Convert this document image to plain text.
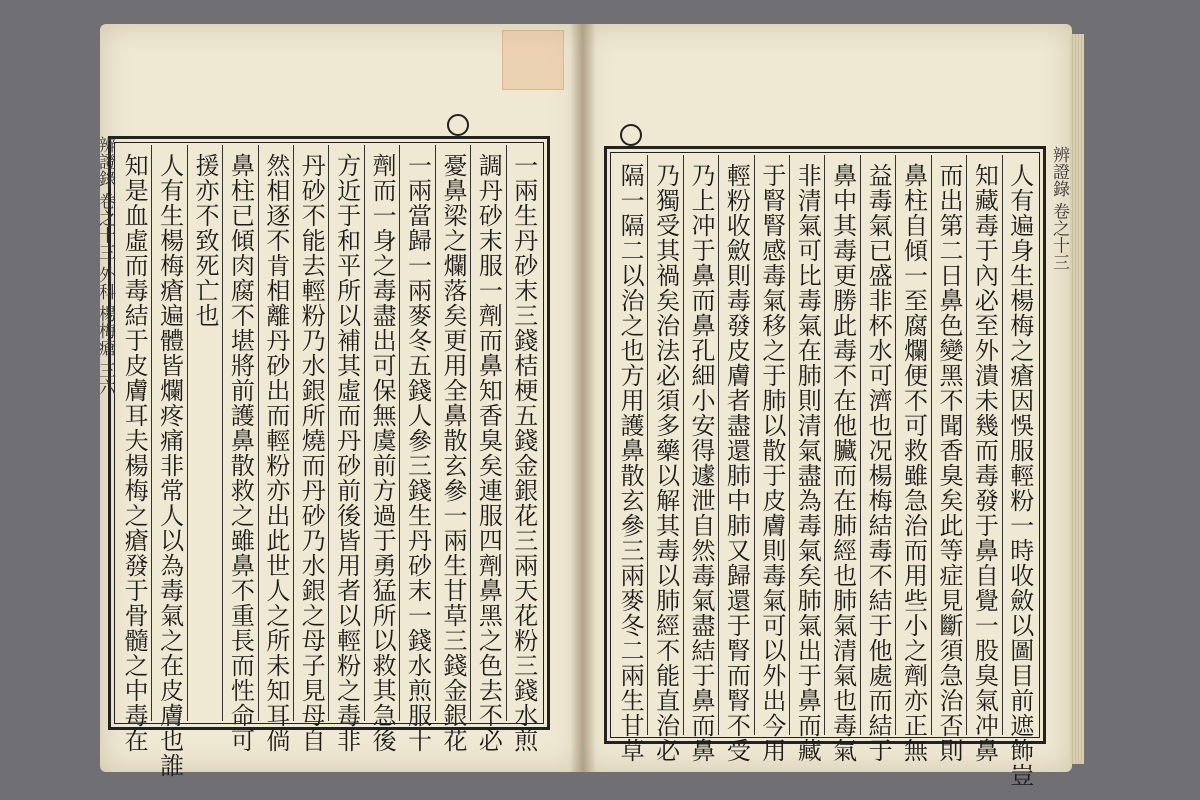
一兩生丹砂末三錢桔梗五錢金銀花三兩天花粉三錢水煎
調丹砂末服一劑而鼻知香臭矣連服四劑鼻黑之色去不必
憂鼻梁之爛落矣更用全鼻散玄參一兩生甘草三錢金銀花
一兩當歸一兩麥冬五錢人參三錢生丹砂末一錢水煎服十
劑而一身之毒盡出可保無虞前方過于勇猛所以救其急後
方近于和平所以補其虛而丹砂前後皆用者以輕粉之毒非
丹砂不能去輕粉乃水銀所燒而丹砂乃水銀之母子見母自
然相逐不肯相離丹砂出而輕粉亦出此世人之所未知耳倘
鼻柱已傾肉腐不堪將前護鼻散救之雖鼻不重長而性命可
援亦不致死亡也
人有生楊梅瘡遍體皆爛疼痛非常人以為毒氣之在皮膚也誰
知是血虛而毒結于皮膚耳夫楊梅之瘡發于骨髓之中毒在
辨證錄 卷之十三 外科 楊梅瘡 三六	人有遍身生楊梅之瘡因悞服輕粉一時收斂以圖目前遮飾豈
知藏毒于內必至外潰未幾而毒發于鼻自覺一股臭氣冲鼻
而出第二日鼻色變黑不聞香臭矣此等症見斷須急治否則
鼻柱自傾一至腐爛便不可救雖急治而用些小之劑亦正無
益毒氣已盛非杯水可濟也况楊梅結毒不結于他處而結于
鼻中其毒更勝此毒不在他臟而在肺經也肺氣清氣也毒氣
非清氣可比毒氣在肺則清氣盡為毒氣矣肺氣出于鼻而藏
于腎腎感毒氣移之于肺以散于皮膚則毒氣可以外出今用
輕粉收斂則毒發皮膚者盡還肺中肺又歸還于腎而腎不受
乃上冲于鼻而鼻孔細小安得遽泄自然毒氣盡結于鼻而鼻
乃獨受其禍矣治法必須多藥以解其毒以肺經不能直治必
隔一隔二以治之也方用護鼻散玄參三兩麥冬二兩生甘草	辨證錄 卷之十三
